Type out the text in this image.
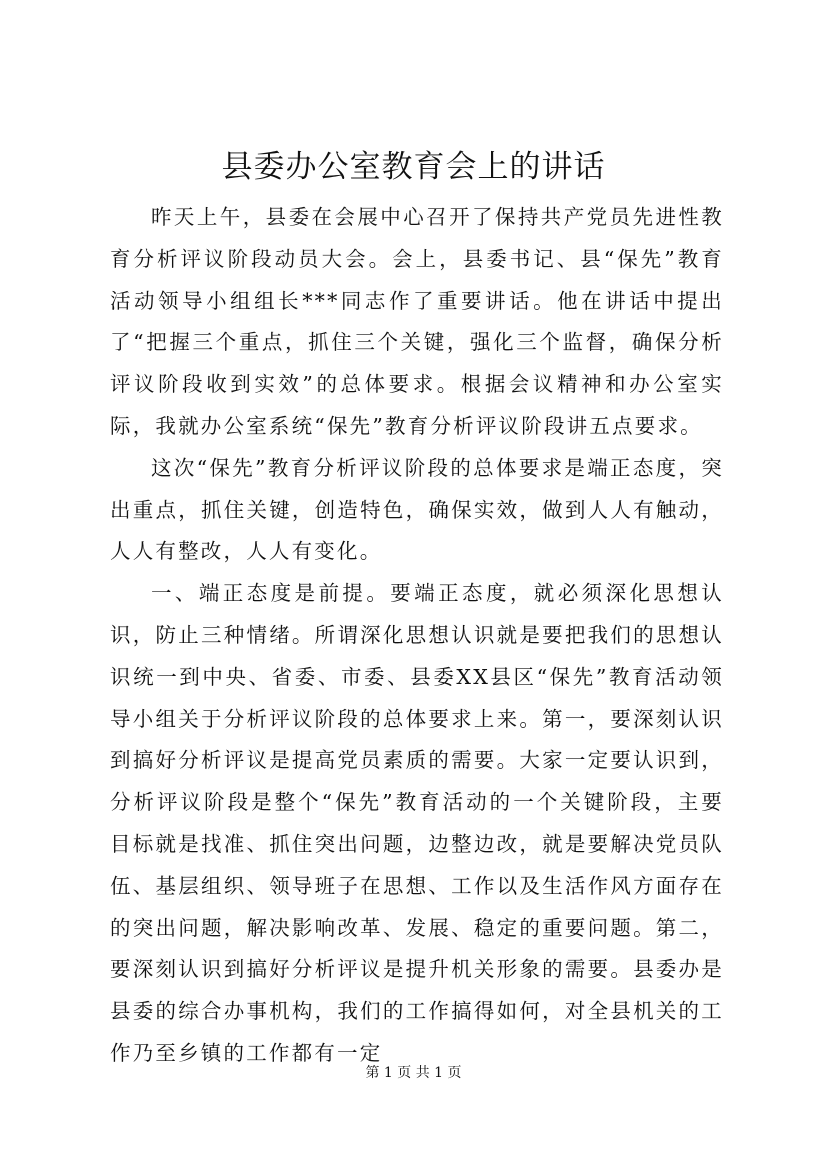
县委办公室教育会上的讲话

昨天上午，县委在会展中心召开了保持共产党员先进性教育分析评议阶段动员大会。会上，县委书记、县“保先”教育活动领导小组组长***同志作了重要讲话。他在讲话中提出了“把握三个重点，抓住三个关键，强化三个监督，确保分析评议阶段收到实效”的总体要求。根据会议精神和办公室实际，我就办公室系统“保先”教育分析评议阶段讲五点要求。

这次“保先”教育分析评议阶段的总体要求是端正态度，突出重点，抓住关键，创造特色，确保实效，做到人人有触动，人人有整改，人人有变化。

一、端正态度是前提。要端正态度，就必须深化思想认识，防止三种情绪。所谓深化思想认识就是要把我们的思想认识统一到中央、省委、市委、县委XX县区“保先”教育活动领导小组关于分析评议阶段的总体要求上来。第一，要深刻认识到搞好分析评议是提高党员素质的需要。大家一定要认识到，分析评议阶段是整个“保先”教育活动的一个关键阶段，主要目标就是找准、抓住突出问题，边整边改，就是要解决党员队伍、基层组织、领导班子在思想、工作以及生活作风方面存在的突出问题，解决影响改革、发展、稳定的重要问题。第二，要深刻认识到搞好分析评议是提升机关形象的需要。县委办是县委的综合办事机构，我们的工作搞得如何，对全县机关的工作乃至乡镇的工作都有一定

第 1 页 共 1 页
